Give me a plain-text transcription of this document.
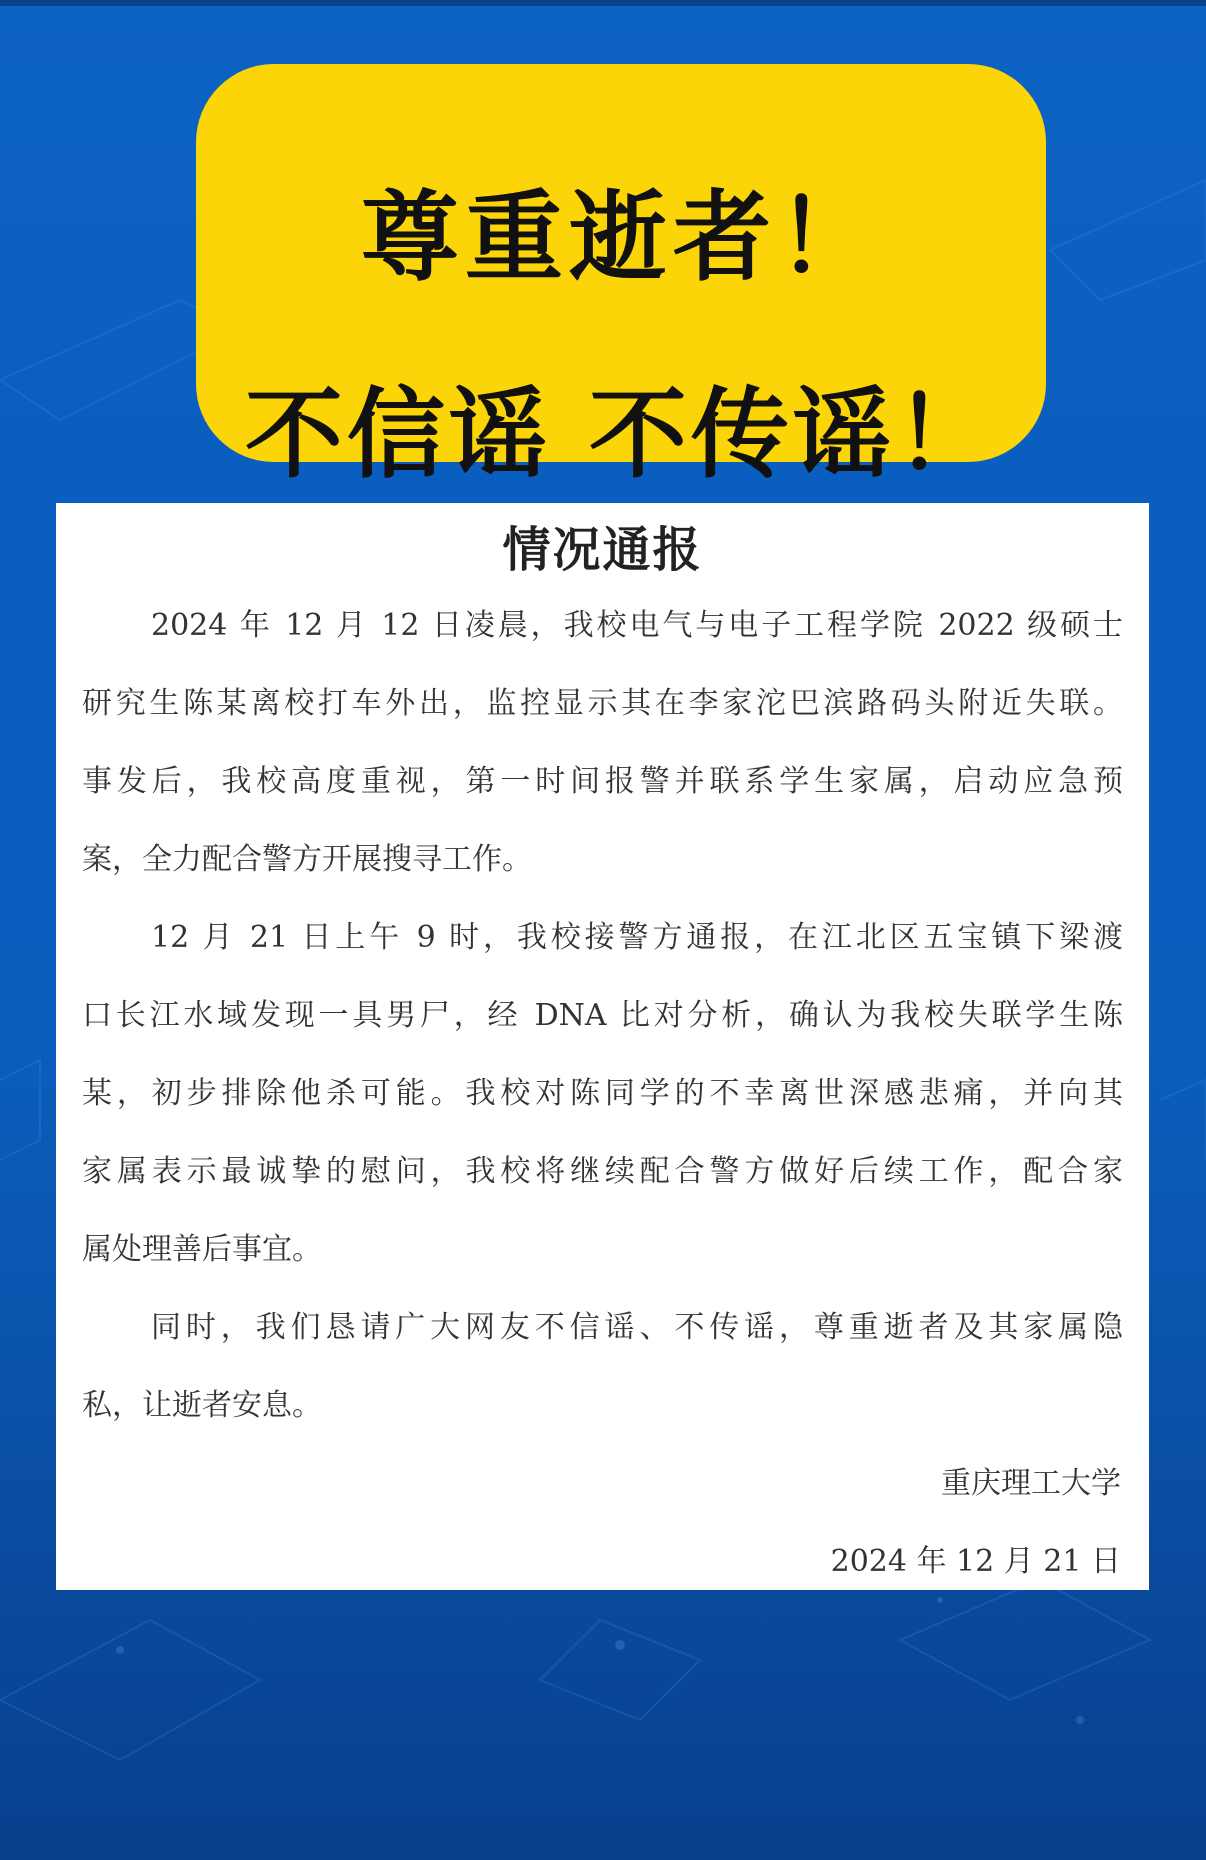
尊重逝者！
不信谣 不传谣！
情况通报
2024 年 12 月 12 日凌晨，我校电气与电子工程学院 2022 级硕士
研究生陈某离校打车外出，监控显示其在李家沱巴滨路码头附近失联。
事发后，我校高度重视，第一时间报警并联系学生家属，启动应急预
案，全力配合警方开展搜寻工作。
12 月 21 日上午 9 时，我校接警方通报，在江北区五宝镇下梁渡
口长江水域发现一具男尸，经 DNA 比对分析，确认为我校失联学生陈
某，初步排除他杀可能。我校对陈同学的不幸离世深感悲痛，并向其
家属表示最诚挚的慰问，我校将继续配合警方做好后续工作，配合家
属处理善后事宜。
同时，我们恳请广大网友不信谣、不传谣，尊重逝者及其家属隐
私，让逝者安息。
重庆理工大学
2024 年 12 月 21 日
